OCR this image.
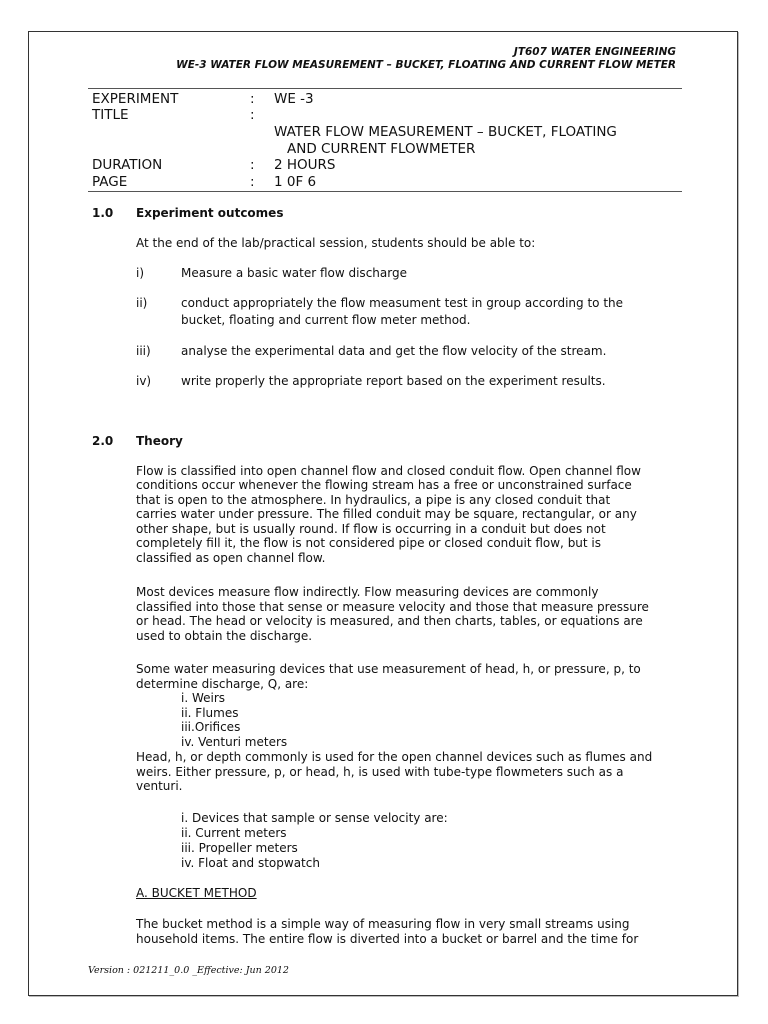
JT607 WATER ENGINEERING
WE-3 WATER FLOW MEASUREMENT – BUCKET, FLOATING AND CURRENT FLOW METER
EXPERIMENT	: WE -3
TITLE	:
WATER FLOW MEASUREMENT – BUCKET, FLOATING
AND CURRENT FLOWMETER
DURATION	: 2 HOURS
PAGE	: 1 0F 6
1.0 Experiment outcomes
At the end of the lab/practical session, students should be able to:
i)	Measure a basic water flow discharge
ii)	conduct appropriately the flow measument test in group according to the
bucket, floating and current flow meter method.
iii)	analyse the experimental data and get the flow velocity of the stream.
iv) write properly the appropriate report based on the experiment results.
2.0 Theory
Flow is classified into open channel flow and closed conduit flow. Open channel flow
conditions occur whenever the flowing stream has a free or unconstrained surface
that is open to the atmosphere. In hydraulics, a pipe is any closed conduit that
carries water under pressure. The filled conduit may be square, rectangular, or any
other shape, but is usually round. If flow is occurring in a conduit but does not
completely fill it, the flow is not considered pipe or closed conduit flow, but is
classified as open channel flow.
Most devices measure flow indirectly. Flow measuring devices are commonly
classified into those that sense or measure velocity and those that measure pressure
or head. The head or velocity is measured, and then charts, tables, or equations are
used to obtain the discharge.
Some water measuring devices that use measurement of head, h, or pressure, p, to
determine discharge, Q, are:
i. Weirs
ii. Flumes
iii.Orifices
iv. Venturi meters
Head, h, or depth commonly is used for the open channel devices such as flumes and
weirs. Either pressure, p, or head, h, is used with tube-type flowmeters such as a
venturi.
i. Devices that sample or sense velocity are:
ii. Current meters
iii. Propeller meters
iv. Float and stopwatch
A. BUCKET METHOD
The bucket method is a simple way of measuring flow in very small streams using
household items. The entire flow is diverted into a bucket or barrel and the time for
Version : 021211_0.0 _Effective: Jun 2012
